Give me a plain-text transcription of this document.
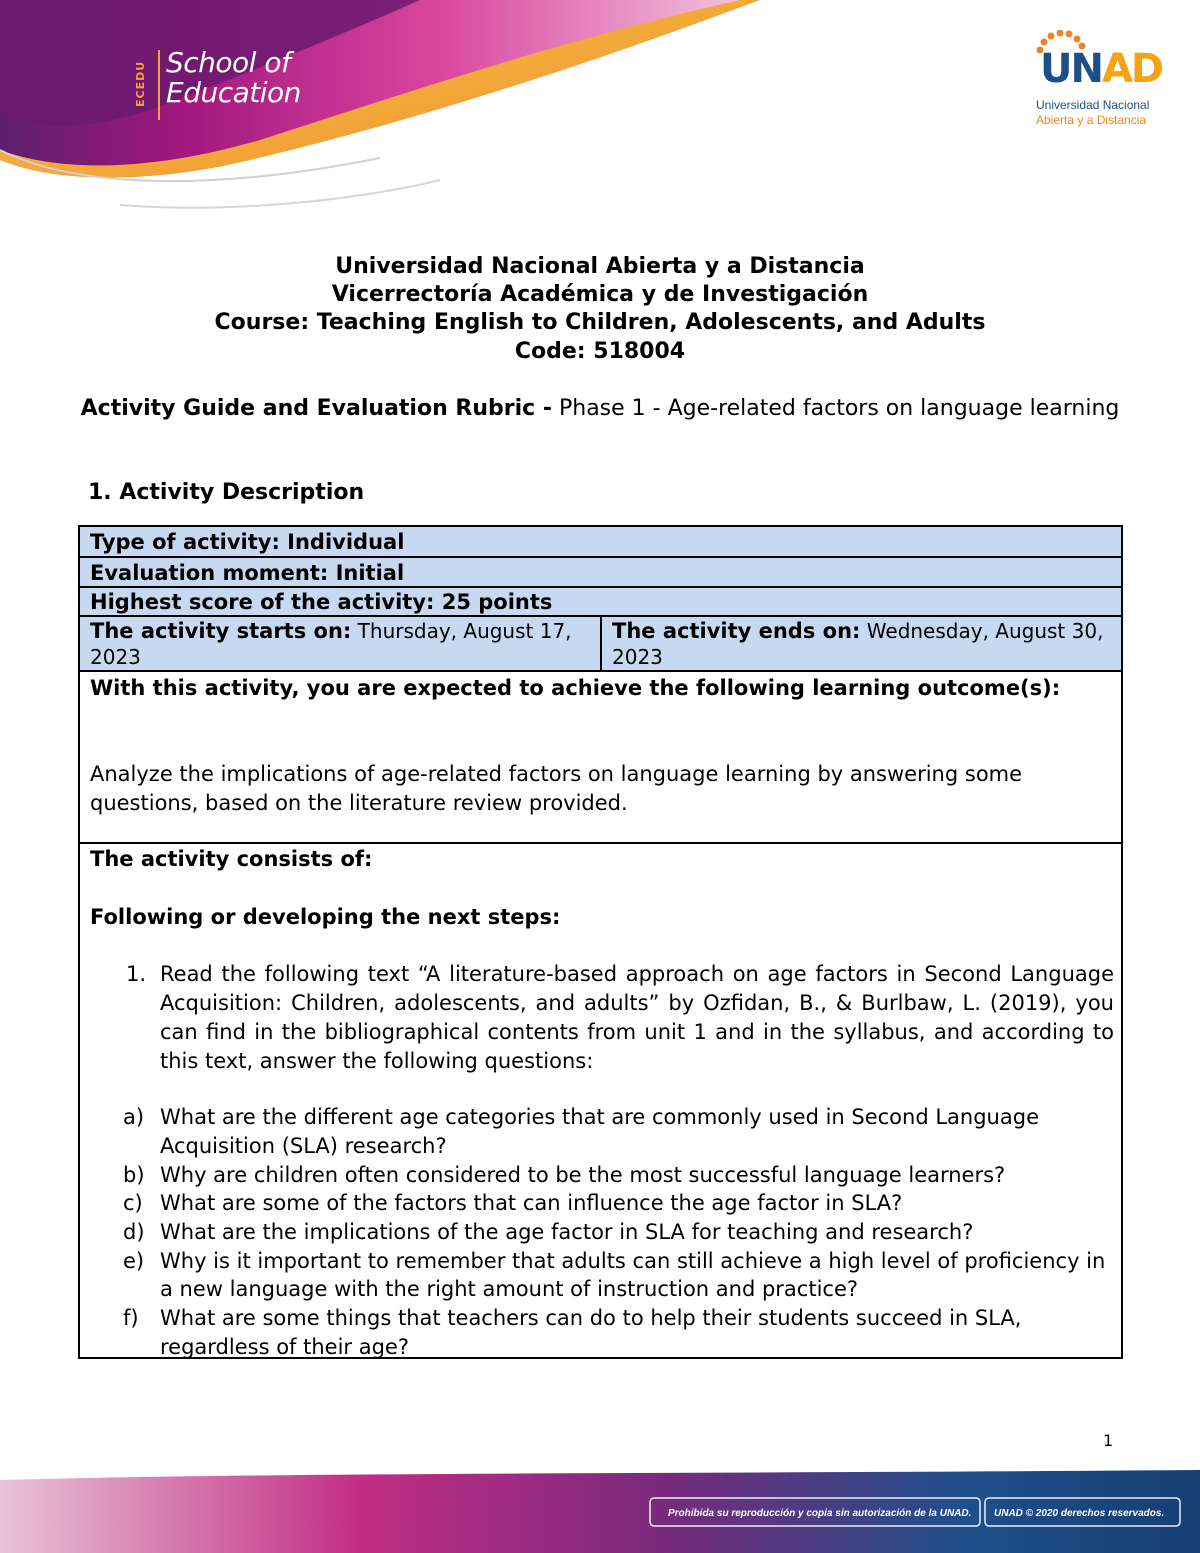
ECEDU School of
Education
UNAD
Universidad Nacional
Abierta y a Distancia
Universidad Nacional Abierta y a Distancia
Vicerrectoría Académica y de Investigación
Course: Teaching English to Children, Adolescents, and Adults
Code: 518004
Activity Guide and Evaluation Rubric - Phase 1 - Age-related factors on language learning
1. Activity Description
Type of activity: Individual
Evaluation moment: Initial
Highest score of the activity: 25 points
The activity starts on: Thursday, August 17, 2023
The activity ends on: Wednesday, August 30, 2023
With this activity, you are expected to achieve the following learning outcome(s):
Analyze the implications of age-related factors on language learning by answering some questions, based on the literature review provided.
The activity consists of:
Following or developing the next steps:
1. Read the following text “A literature-based approach on age factors in Second Language Acquisition: Children, adolescents, and adults” by Ozfidan, B., & Burlbaw, L. (2019), you can find in the bibliographical contents from unit 1 and in the syllabus, and according to this text, answer the following questions:
a) What are the different age categories that are commonly used in Second Language Acquisition (SLA) research?
b) Why are children often considered to be the most successful language learners?
c) What are some of the factors that can influence the age factor in SLA?
d) What are the implications of the age factor in SLA for teaching and research?
e) Why is it important to remember that adults can still achieve a high level of proficiency in a new language with the right amount of instruction and practice?
f) What are some things that teachers can do to help their students succeed in SLA, regardless of their age?
1
Prohibida su reproducción y copia sin autorización de la UNAD. UNAD © 2020 derechos reservados.
